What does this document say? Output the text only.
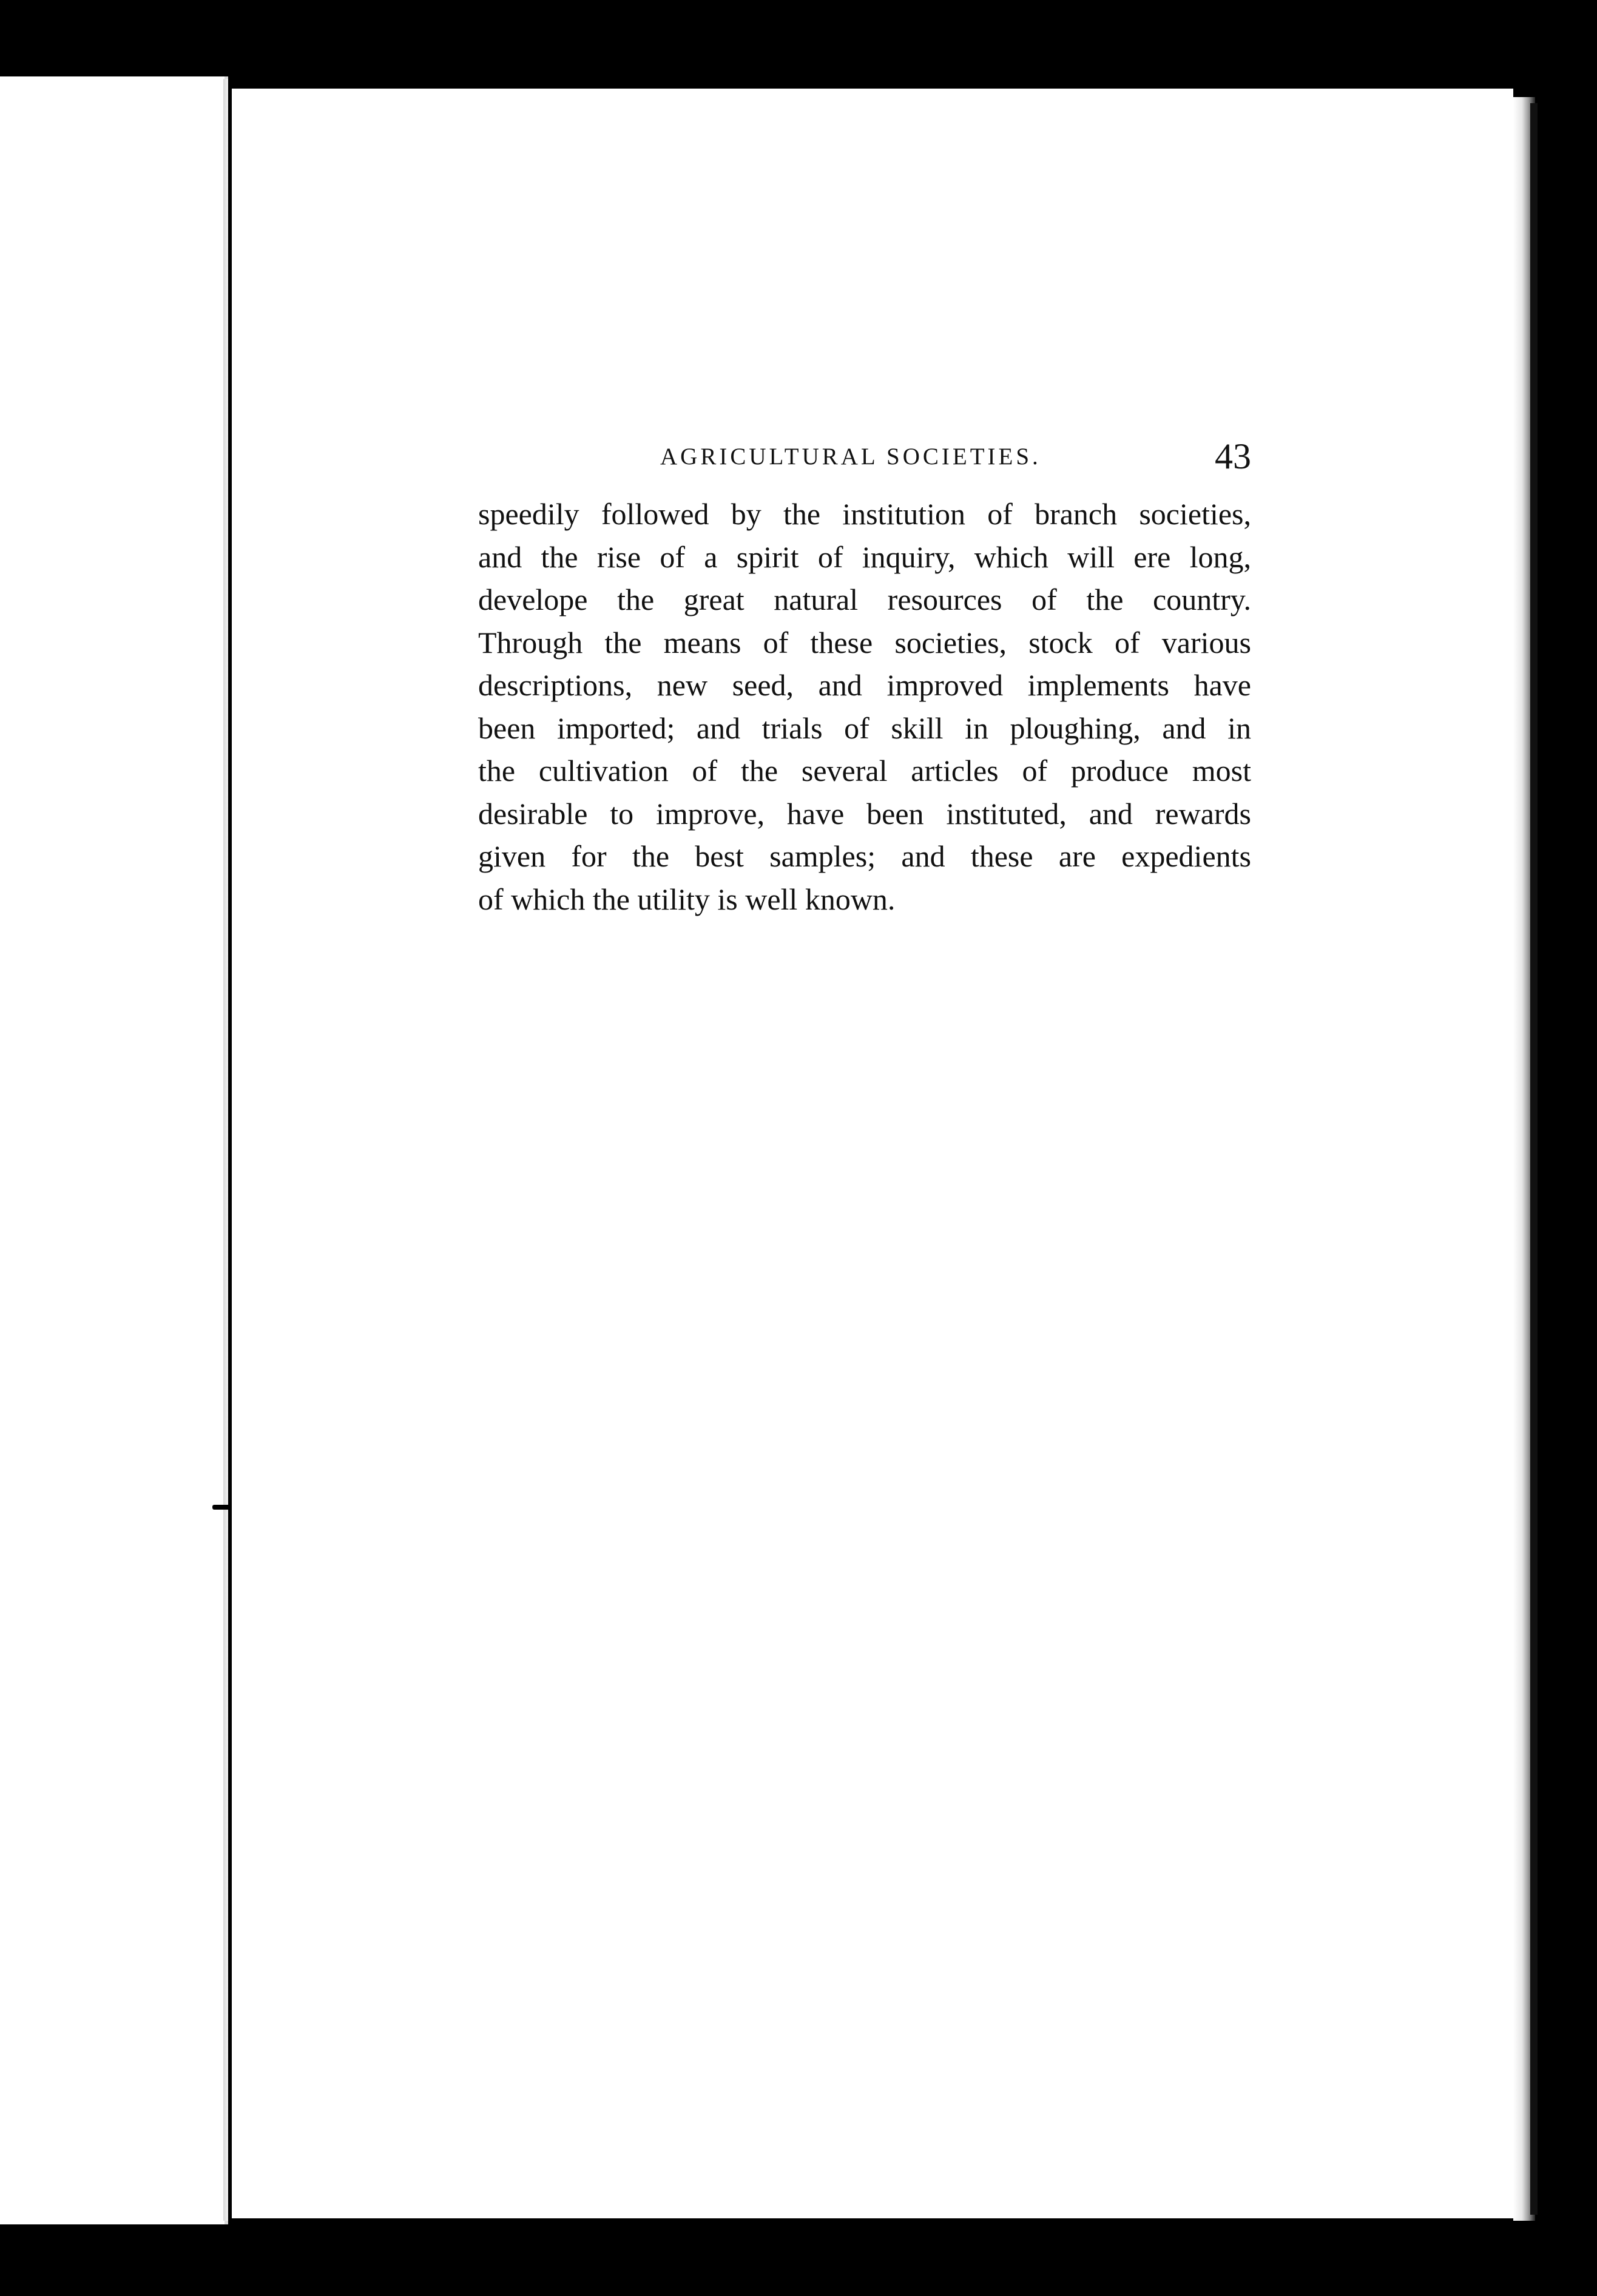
AGRICULTURAL SOCIETIES.	43
speedily followed by the institution of branch societies,
and the rise of a spirit of inquiry, which will ere long,
develope the great natural resources of the country.
Through the means of these societies, stock of various
descriptions, new seed, and improved implements have
been imported; and trials of skill in ploughing, and in
the cultivation of the several articles of produce most
desirable to improve, have been instituted, and rewards
given for the best samples; and these are expedients
of which the utility is well known.
